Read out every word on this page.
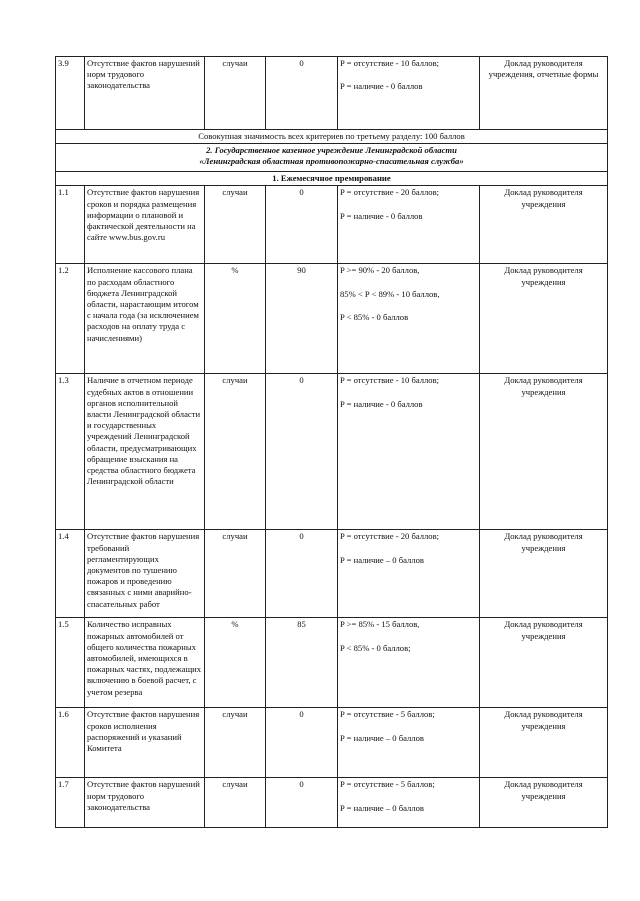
3.9	Отсутствие фактов нарушений норм трудового законодательства	случаи	0	P = отсутствие - 10 баллов;

P = наличие - 0 баллов	Доклад руководителя учреждения, отчетные формы
Совокупная значимость всех критериев по третьему разделу: 100 баллов					

2. Государственное казенное учреждение Ленинградской области
«Ленинградская областная противопожарно-спасательная служба»					

1. Ежемесячное премирование					
1.1	Отсутствие фактов нарушения сроков и порядка размещения информации о плановой и фактической деятельности на сайте www.bus.gov.ru	случаи	0	P = отсутствие - 20 баллов;

P = наличие - 0 баллов	Доклад руководителя учреждения
1.2	Исполнение кассового плана по расходам областного бюджета Ленинградской области, нарастающим итогом с начала года (за исключением расходов на оплату труда с начислениями)	%	90	P >= 90% - 20 баллов,

85% < P < 89% - 10 баллов,

P < 85% - 0 баллов	Доклад руководителя учреждения
1.3	Наличие в отчетном периоде судебных актов в отношении органов исполнительной власти Ленинградской области и государственных учреждений Ленинградской области, предусматривающих обращение взыскания на средства областного бюджета Ленинградской области	случаи	0	P = отсутствие - 10 баллов;

P = наличие - 0 баллов	Доклад руководителя учреждения
1.4	Отсутствие фактов нарушения требований регламентирующих документов по тушению пожаров и проведению связанных с ними аварийно-спасательных работ	случаи	0	P = отсутствие - 20 баллов;

P = наличие – 0 баллов	Доклад руководителя учреждения
1.5	Количество исправных пожарных автомобилей от общего количества пожарных автомобилей, имеющихся в пожарных частях, подлежащих включению в боевой расчет, с учетом резерва	%	85	P >= 85% - 15 баллов,

P < 85% - 0 баллов;	Доклад руководителя учреждения
1.6	Отсутствие фактов нарушения сроков исполнения распоряжений и указаний Комитета	случаи	0	P = отсутствие - 5 баллов;

P = наличие – 0 баллов	Доклад руководителя учреждения
1.7	Отсутствие фактов нарушений норм трудового законодательства	случаи	0	P = отсутствие - 5 баллов;

P = наличие – 0 баллов	Доклад руководителя учреждения
